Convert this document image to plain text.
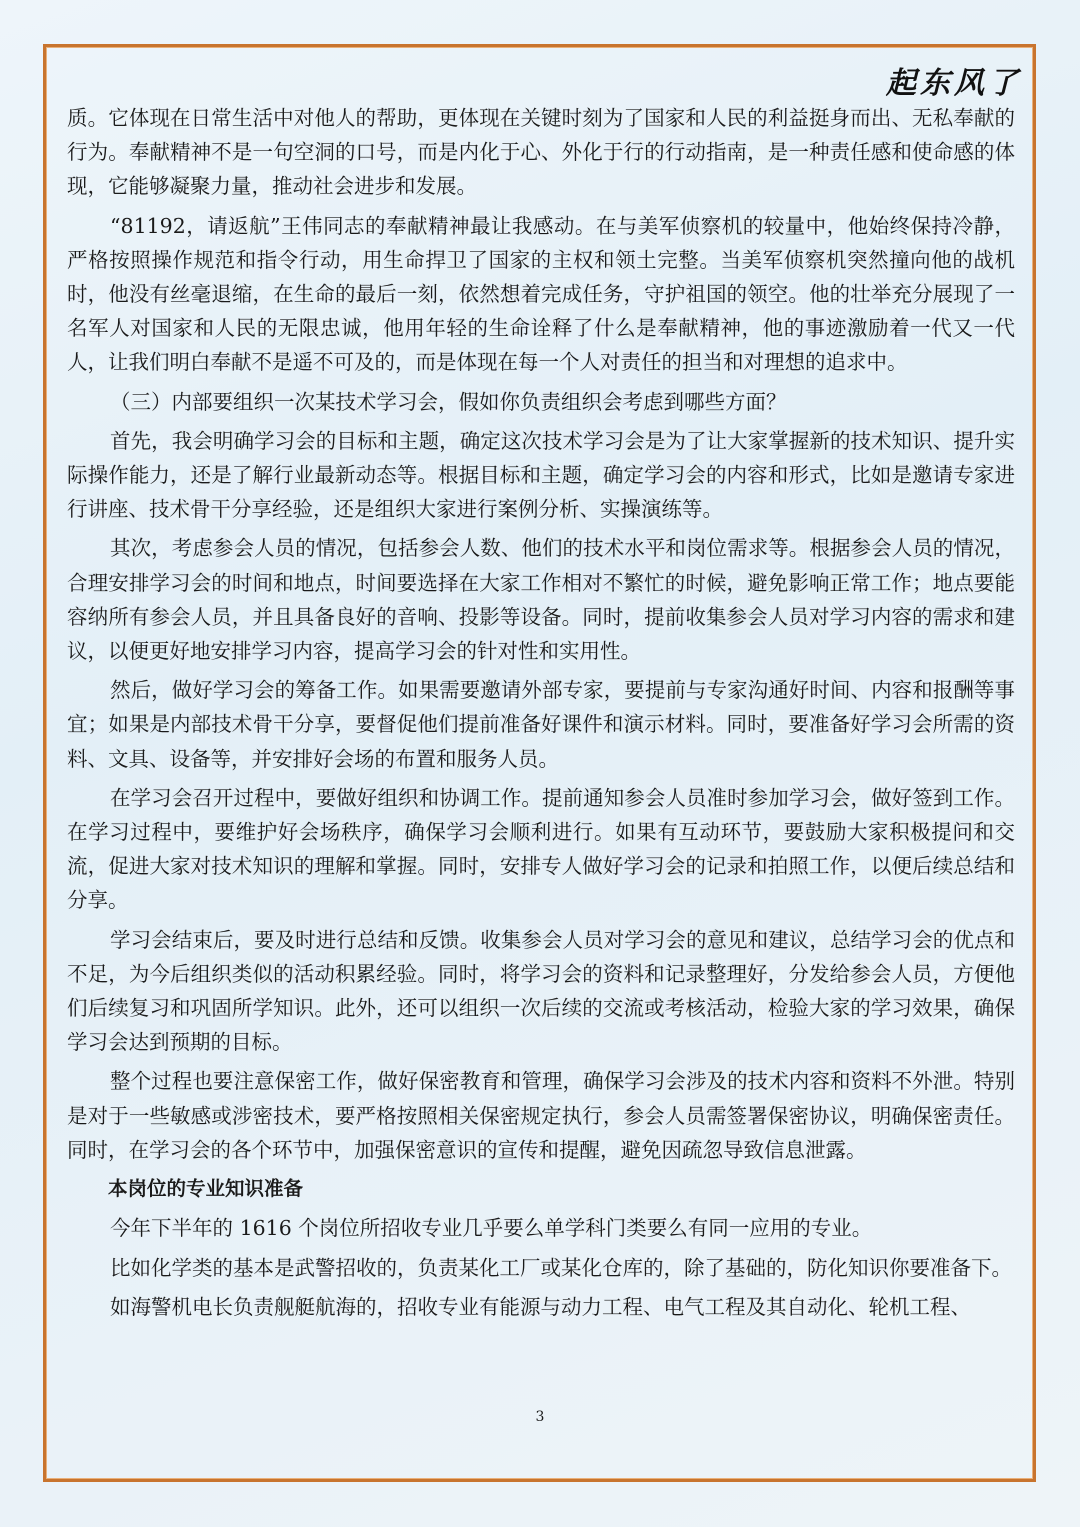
起东风了

质。它体现在日常生活中对他人的帮助，更体现在关键时刻为了国家和人民的利益挺身而出、无私奉献的行为。奉献精神不是一句空洞的口号，而是内化于心、外化于行的行动指南，是一种责任感和使命感的体现，它能够凝聚力量，推动社会进步和发展。

“81192，请返航”王伟同志的奉献精神最让我感动。在与美军侦察机的较量中，他始终保持冷静，严格按照操作规范和指令行动，用生命捍卫了国家的主权和领土完整。当美军侦察机突然撞向他的战机时，他没有丝毫退缩，在生命的最后一刻，依然想着完成任务，守护祖国的领空。他的壮举充分展现了一名军人对国家和人民的无限忠诚，他用年轻的生命诠释了什么是奉献精神，他的事迹激励着一代又一代人，让我们明白奉献不是遥不可及的，而是体现在每一个人对责任的担当和对理想的追求中。

（三）内部要组织一次某技术学习会，假如你负责组织会考虑到哪些方面？

首先，我会明确学习会的目标和主题，确定这次技术学习会是为了让大家掌握新的技术知识、提升实际操作能力，还是了解行业最新动态等。根据目标和主题，确定学习会的内容和形式，比如是邀请专家进行讲座、技术骨干分享经验，还是组织大家进行案例分析、实操演练等。

其次，考虑参会人员的情况，包括参会人数、他们的技术水平和岗位需求等。根据参会人员的情况，合理安排学习会的时间和地点，时间要选择在大家工作相对不繁忙的时候，避免影响正常工作；地点要能容纳所有参会人员，并且具备良好的音响、投影等设备。同时，提前收集参会人员对学习内容的需求和建议，以便更好地安排学习内容，提高学习会的针对性和实用性。

然后，做好学习会的筹备工作。如果需要邀请外部专家，要提前与专家沟通好时间、内容和报酬等事宜；如果是内部技术骨干分享，要督促他们提前准备好课件和演示材料。同时，要准备好学习会所需的资料、文具、设备等，并安排好会场的布置和服务人员。

在学习会召开过程中，要做好组织和协调工作。提前通知参会人员准时参加学习会，做好签到工作。在学习过程中，要维护好会场秩序，确保学习会顺利进行。如果有互动环节，要鼓励大家积极提问和交流，促进大家对技术知识的理解和掌握。同时，安排专人做好学习会的记录和拍照工作，以便后续总结和分享。

学习会结束后，要及时进行总结和反馈。收集参会人员对学习会的意见和建议，总结学习会的优点和不足，为今后组织类似的活动积累经验。同时，将学习会的资料和记录整理好，分发给参会人员，方便他们后续复习和巩固所学知识。此外，还可以组织一次后续的交流或考核活动，检验大家的学习效果，确保学习会达到预期的目标。

整个过程也要注意保密工作，做好保密教育和管理，确保学习会涉及的技术内容和资料不外泄。特别是对于一些敏感或涉密技术，要严格按照相关保密规定执行，参会人员需签署保密协议，明确保密责任。同时，在学习会的各个环节中，加强保密意识的宣传和提醒，避免因疏忽导致信息泄露。

本岗位的专业知识准备

今年下半年的 1616 个岗位所招收专业几乎要么单学科门类要么有同一应用的专业。

比如化学类的基本是武警招收的，负责某化工厂或某化仓库的，除了基础的，防化知识你要准备下。

如海警机电长负责舰艇航海的，招收专业有能源与动力工程、电气工程及其自动化、轮机工程、

3
